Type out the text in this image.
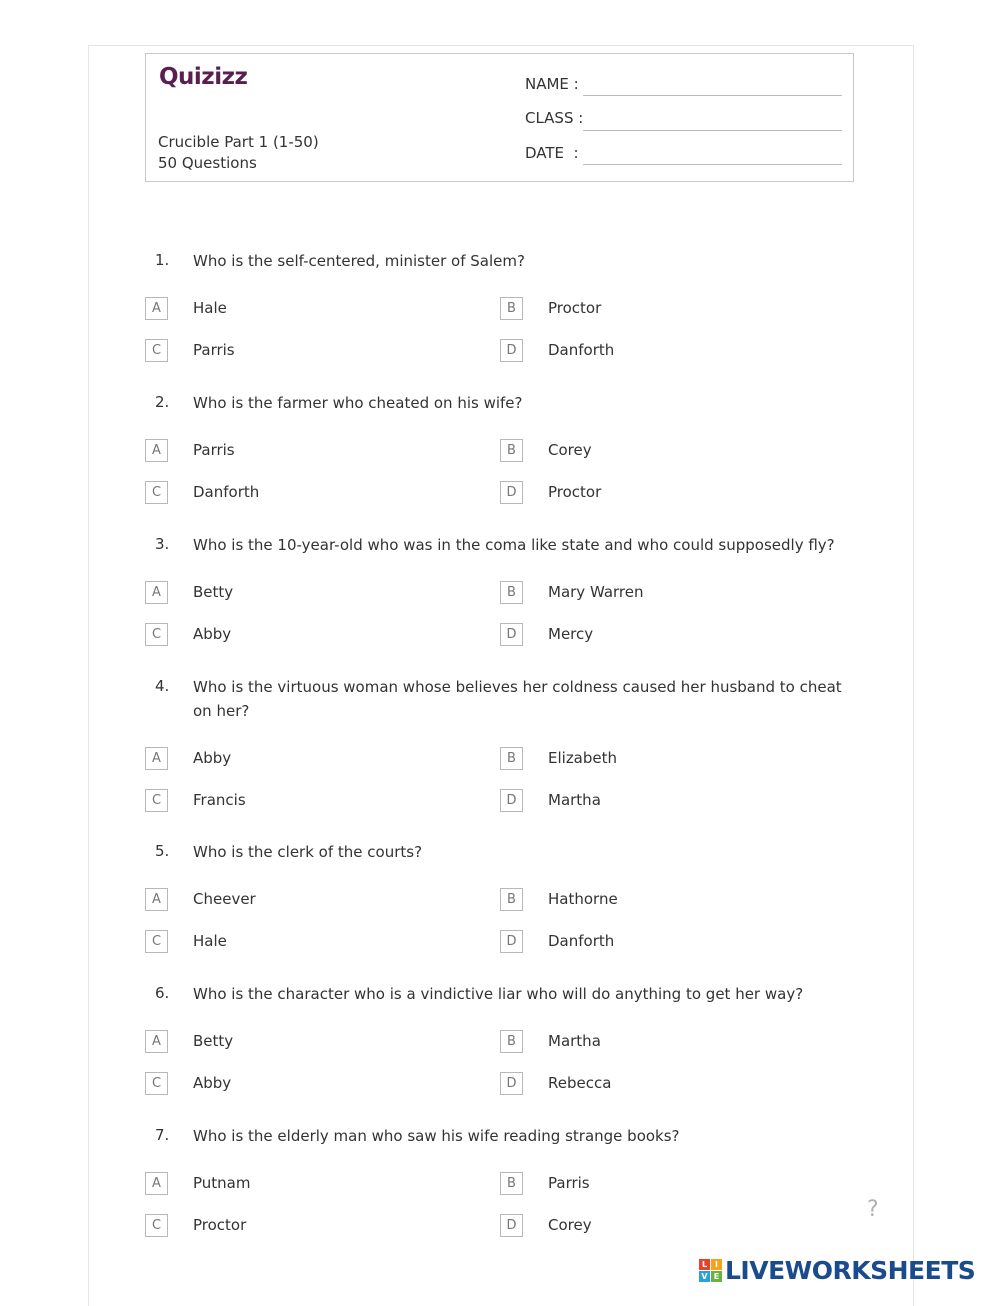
Quizizz
Crucible Part 1 (1-50)
50 Questions
NAME :
CLASS :
DATE  :
1. Who is the self-centered, minister of Salem?
A	Hale	B	Proctor
C	Parris	D	Danforth
2. Who is the farmer who cheated on his wife?
A	Parris	B	Corey
C	Danforth	D	Proctor
3. Who is the 10-year-old who was in the coma like state and who could supposedly fly?
A	Betty	B	Mary Warren
C	Abby	D	Mercy
4. Who is the virtuous woman whose believes her coldness caused her husband to cheat on her?
A	Abby	B	Elizabeth
C	Francis	D	Martha
5. Who is the clerk of the courts?
A	Cheever	B	Hathorne
C	Hale	D	Danforth
6. Who is the character who is a vindictive liar who will do anything to get her way?
A	Betty	B	Martha
C	Abby	D	Rebecca
7. Who is the elderly man who saw his wife reading strange books?
A	Putnam	B	Parris
C	Proctor	D	Corey
?
L I
V E LIVEWORKSHEETS
